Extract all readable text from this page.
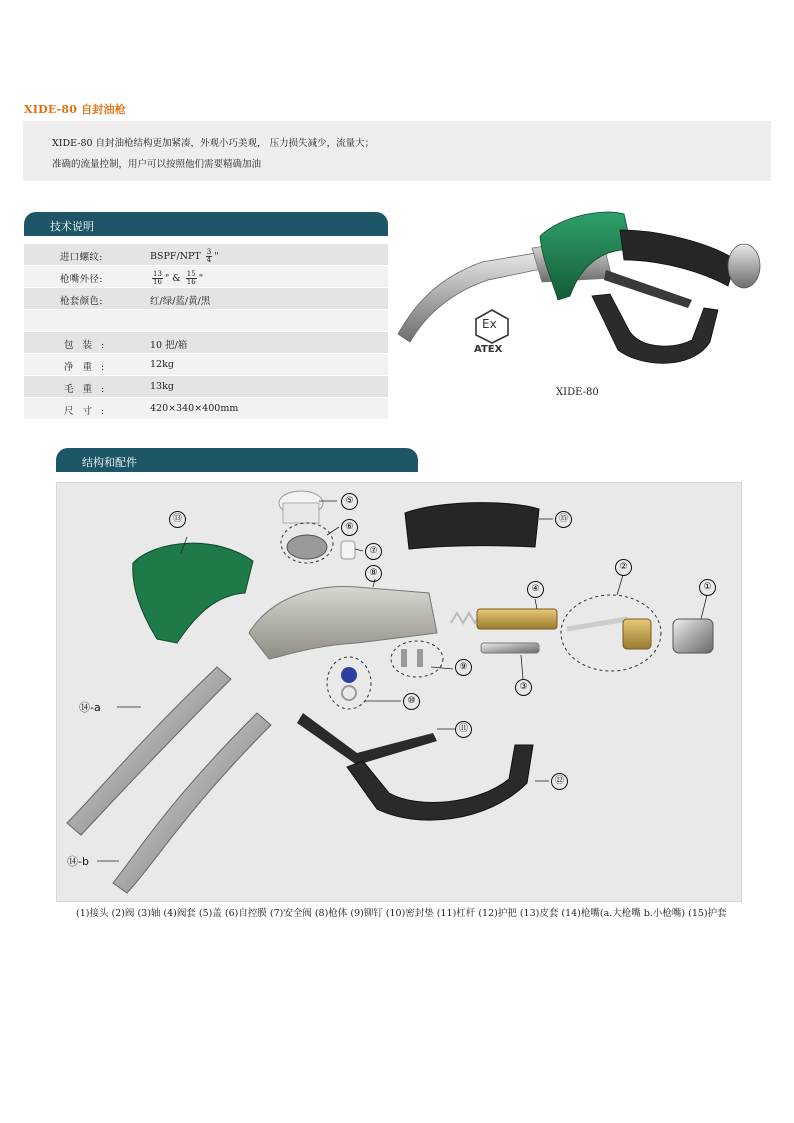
XIDE-80 自封油枪
XIDE-80 自封油枪结构更加紧凑，外观小巧美观， 压力损失减少，流量大；
准确的流量控制，用户可以按照他们需要精确加油
技术说明
进口螺纹:	BSPF/NPT $\frac{3}{4}$ "
枪嘴外径:	$\frac{13}{16}$ " & $\frac{15}{16}$ "
枪套颜色:	红/绿/蓝/黄/黑
包装:	10 把/箱
净重:	12kg
毛重:	13kg
尺寸:	420×340×400mm
Ex
ATEX
XIDE-80
结构和配件
⑤
⑥
⑦
⑬	⑮
⑧
④
②
①
⑨
③
⑩
⑪
⑫
⑭-a
⑭-b
(1)接头 (2)阀 (3)轴 (4)阀套 (5)盖 (6)自控膜 (7)安全阀 (8)枪体 (9)铆钉 (10)密封垫 (11)杠杆 (12)护把 (13)皮套 (14)枪嘴(a.大枪嘴 b.小枪嘴) (15)护套
